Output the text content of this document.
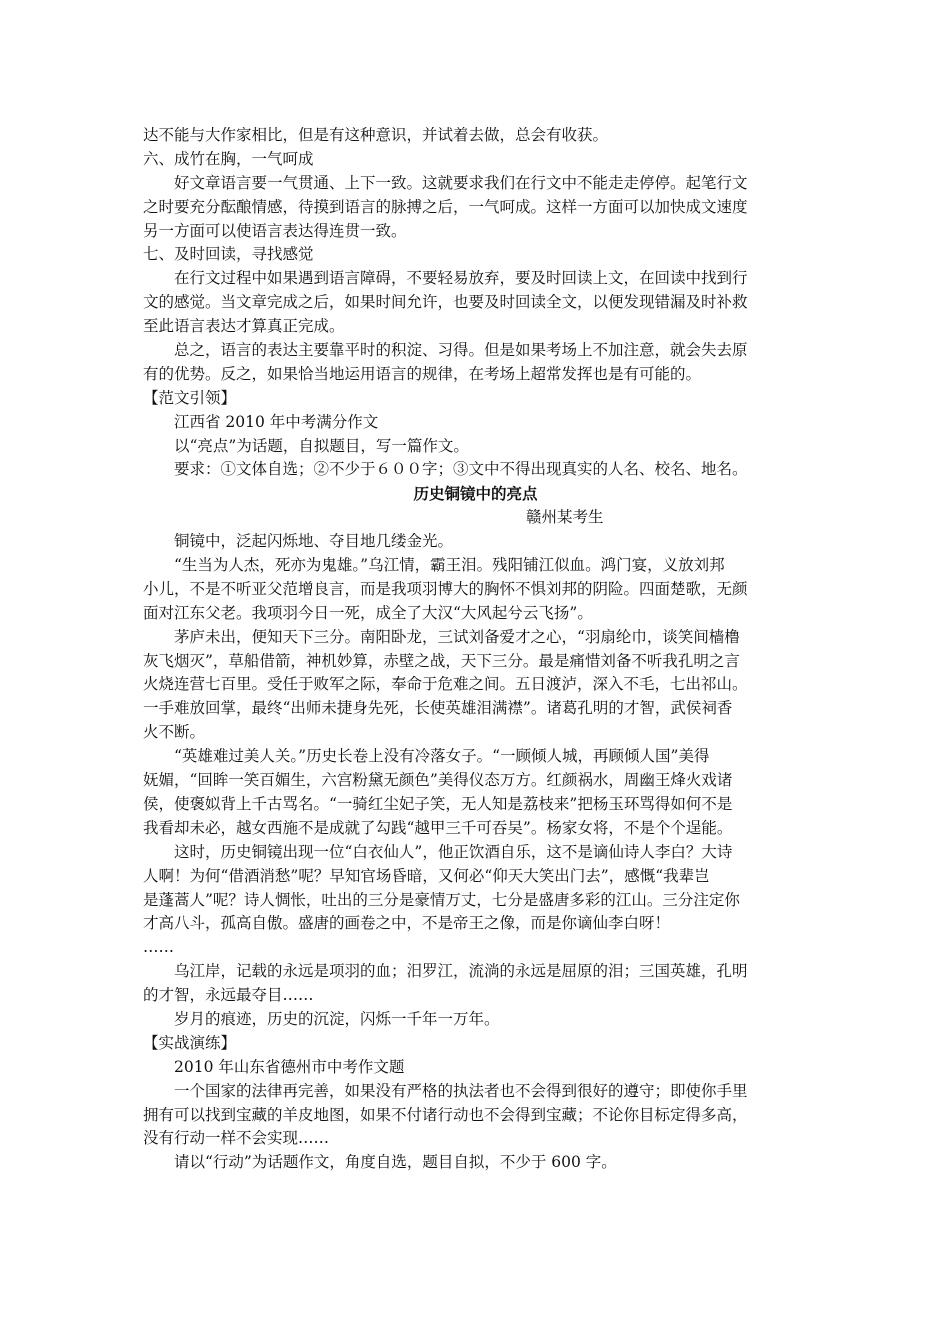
达不能与大作家相比，但是有这种意识，并试着去做，总会有收获。
六、成竹在胸，一气呵成
好文章语言要一气贯通、上下一致。这就要求我们在行文中不能走走停停。起笔行文
之时要充分酝酿情感，待摸到语言的脉搏之后，一气呵成。这样一方面可以加快成文速度
另一方面可以使语言表达得连贯一致。
七、及时回读，寻找感觉
在行文过程中如果遇到语言障碍，不要轻易放弃，要及时回读上文，在回读中找到行
文的感觉。当文章完成之后，如果时间允许，也要及时回读全文，以便发现错漏及时补救
至此语言表达才算真正完成。
总之，语言的表达主要靠平时的积淀、习得。但是如果考场上不加注意，就会失去原
有的优势。反之，如果恰当地运用语言的规律，在考场上超常发挥也是有可能的。
【范文引领】
江西省 2010 年中考满分作文
以“亮点”为话题，自拟题目，写一篇作文。
要求：①文体自选；②不少于６００字；③文中不得出现真实的人名、校名、地名。
历史铜镜中的亮点
赣州某考生
铜镜中，泛起闪烁地、夺目地几缕金光。
“生当为人杰，死亦为鬼雄。”乌江情，霸王泪。残阳铺江似血。鸿门宴，义放刘邦
小儿，不是不听亚父范增良言，而是我项羽博大的胸怀不惧刘邦的阴险。四面楚歌，无颜
面对江东父老。我项羽今日一死，成全了大汉“大风起兮云飞扬”。
茅庐未出，便知天下三分。南阳卧龙，三试刘备爱才之心，“羽扇纶巾，谈笑间樯橹
灰飞烟灭”，草船借箭，神机妙算，赤壁之战，天下三分。最是痛惜刘备不听我孔明之言
火烧连营七百里。受任于败军之际，奉命于危难之间。五日渡泸，深入不毛，七出祁山。
一手难放回掌，最终“出师未捷身先死，长使英雄泪满襟”。诸葛孔明的才智，武侯祠香
火不断。
“英雄难过美人关。”历史长卷上没有冷落女子。“一顾倾人城，再顾倾人国”美得
妩媚，“回眸一笑百媚生，六宫粉黛无颜色”美得仪态万方。红颜祸水，周幽王烽火戏诸
侯，使褒姒背上千古骂名。“一骑红尘妃子笑，无人知是荔枝来”把杨玉环骂得如何不是
我看却未必，越女西施不是成就了勾践“越甲三千可吞吴”。杨家女将，不是个个逞能。
这时，历史铜镜出现一位“白衣仙人”，他正饮酒自乐，这不是谪仙诗人李白？大诗
人啊！为何“借酒消愁”呢？早知官场昏暗，又何必“仰天大笑出门去”，感慨“我辈岂
是蓬蒿人”呢？诗人惆怅，吐出的三分是豪情万丈，七分是盛唐多彩的江山。三分注定你
才高八斗，孤高自傲。盛唐的画卷之中，不是帝王之像，而是你谪仙李白呀！
……
乌江岸，记载的永远是项羽的血；汨罗江，流淌的永远是屈原的泪；三国英雄，孔明
的才智，永远最夺目……
岁月的痕迹，历史的沉淀，闪烁一千年一万年。
【实战演练】
2010 年山东省德州市中考作文题
一个国家的法律再完善，如果没有严格的执法者也不会得到很好的遵守；即使你手里
拥有可以找到宝藏的羊皮地图，如果不付诸行动也不会得到宝藏；不论你目标定得多高，
没有行动一样不会实现……
请以“行动”为话题作文，角度自选，题目自拟，不少于 600 字。
